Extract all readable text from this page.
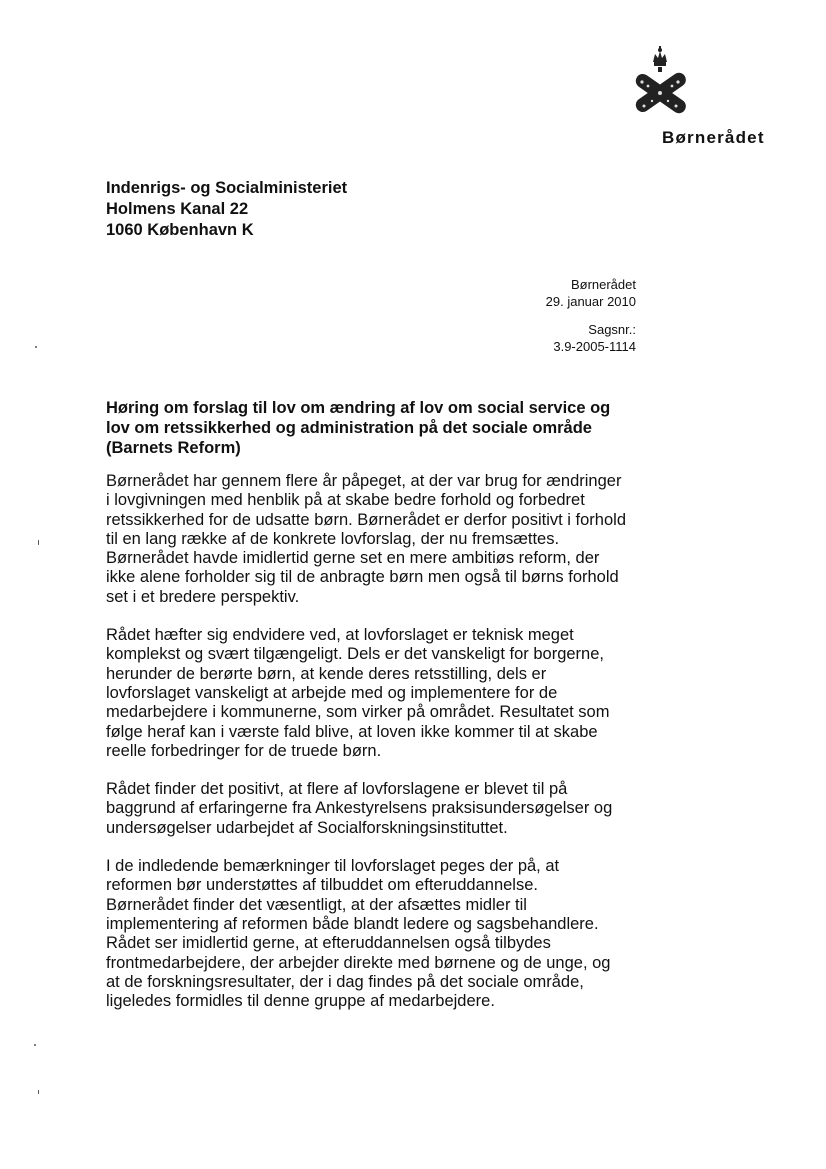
Børnerådet
Indenrigs- og Socialministeriet
Holmens Kanal 22
1060 København K
Børnerådet
29. januar 2010
Sagsnr.:
3.9-2005-1114
Høring om forslag til lov om ændring af lov om social service og
lov om retssikkerhed og administration på det sociale område
(Barnets Reform)

Børnerådet har gennem flere år påpeget, at der var brug for ændringer
i lovgivningen med henblik på at skabe bedre forhold og forbedret
retssikkerhed for de udsatte børn. Børnerådet er derfor positivt i forhold
til en lang række af de konkrete lovforslag, der nu fremsættes.
Børnerådet havde imidlertid gerne set en mere ambitiøs reform, der
ikke alene forholder sig til de anbragte børn men også til børns forhold
set i et bredere perspektiv.

Rådet hæfter sig endvidere ved, at lovforslaget er teknisk meget
komplekst og svært tilgængeligt. Dels er det vanskeligt for borgerne,
herunder de berørte børn, at kende deres retsstilling, dels er
lovforslaget vanskeligt at arbejde med og implementere for de
medarbejdere i kommunerne, som virker på området. Resultatet som
følge heraf kan i værste fald blive, at loven ikke kommer til at skabe
reelle forbedringer for de truede børn.

Rådet finder det positivt, at flere af lovforslagene er blevet til på
baggrund af erfaringerne fra Ankestyrelsens praksisundersøgelser og
undersøgelser udarbejdet af Socialforskningsinstituttet.

I de indledende bemærkninger til lovforslaget peges der på, at
reformen bør understøttes af tilbuddet om efteruddannelse.
Børnerådet finder det væsentligt, at der afsættes midler til
implementering af reformen både blandt ledere og sagsbehandlere.
Rådet ser imidlertid gerne, at efteruddannelsen også tilbydes
frontmedarbejdere, der arbejder direkte med børnene og de unge, og
at de forskningsresultater, der i dag findes på det sociale område,
ligeledes formidles til denne gruppe af medarbejdere.
